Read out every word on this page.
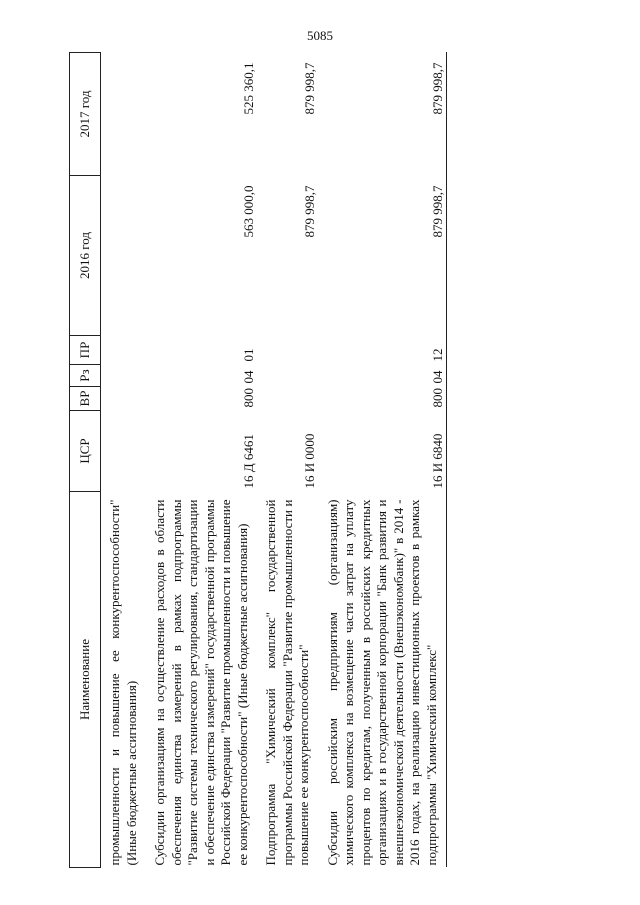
5085
Наименование	ЦСР	ВР	Рз	ПР	2016 год	2017 год
промышленности и повышение ее конкурентоспособности" (Иные бюджетные ассигнования)						
Субсидии организациям на осуществление расходов в области обеспечения единства измерений в рамках подпрограммы "Развитие системы технического регулирования, стандартизации и обеспечение единства измерений" государственной программы Российской Федерации "Развитие промышленности и повышение ее конкурентоспособности" (Иные бюджетные ассигнования)	16 Д 6461	800	04	01	563 000,0	525 360,1
Подпрограмма "Химический комплекс" государственной программы Российской Федерации "Развитие промышленности и повышение ее конкурентоспособности"	16 И 0000				879 998,7	879 998,7
Субсидии российским предприятиям (организациям) химического комплекса на возмещение части затрат на уплату процентов по кредитам, полученным в российских кредитных организациях и в государственной корпорации "Банк развития и внешнеэкономической деятельности (Внешэкономбанк)" в 2014 - 2016 годах, на реализацию инвестиционных проектов в рамках подпрограммы "Химический комплекс"	16 И 6840	800	04	12	879 998,7	879 998,7
